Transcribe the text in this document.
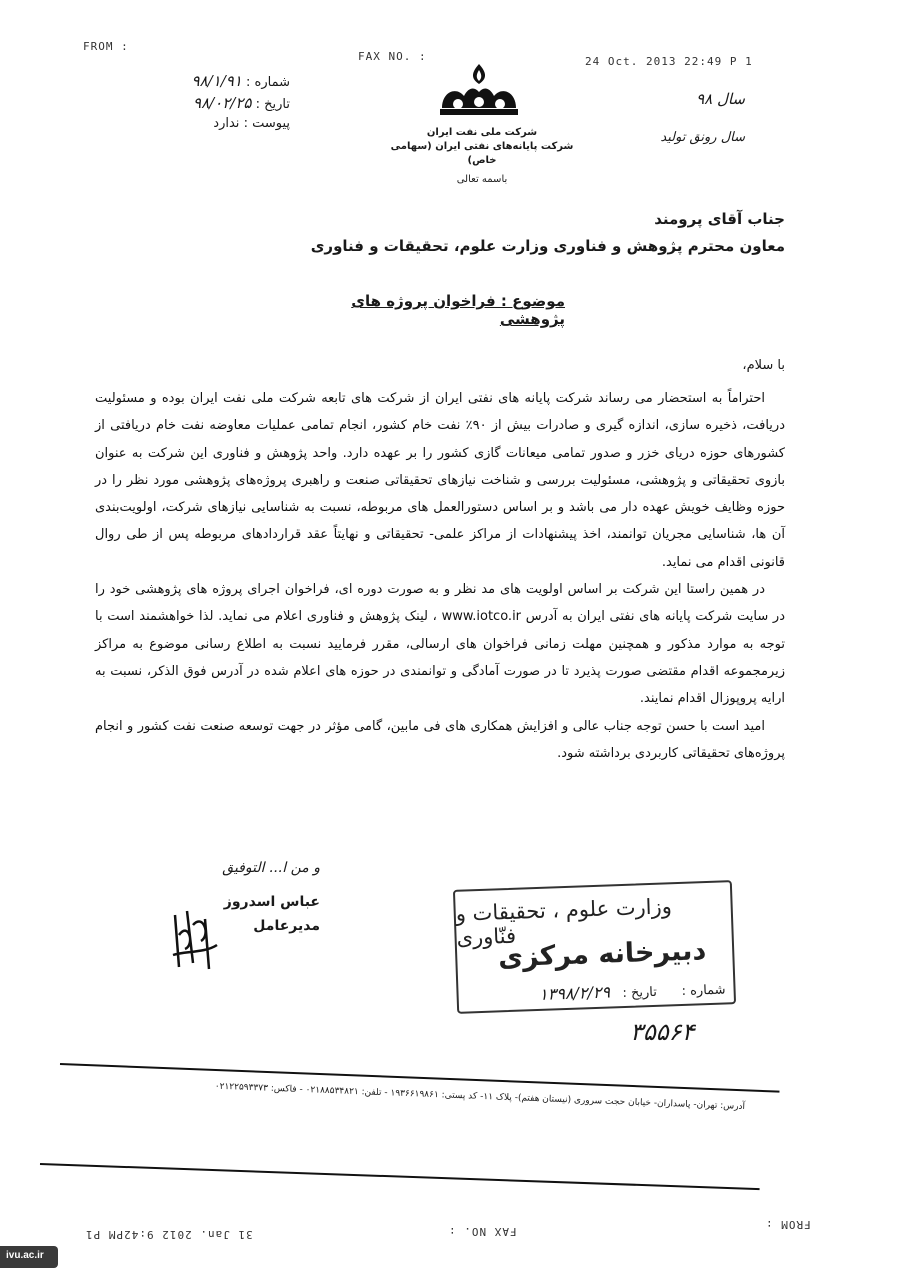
FROM :
FAX NO. :	24 Oct. 2013 22:49 P 1
شماره : ۹۸/۱/۹۱
تاریخ : ۹۸/۰۲/۲۵
پیوست : ندارد
شرکت ملی نفت ایران
شرکت پایانه‌های نفتی ایران (سهامی خاص)
باسمه تعالی
سال ۹۸
سال رونق تولید
جناب آقای پرومند
معاون محترم پژوهش و فناوری وزارت علوم، تحقیقات و فناوری
موضوع : فراخوان پروژه های پژوهشی
با سلام،

احتراماً به استحضار می رساند شرکت پایانه های نفتی ایران از شرکت های تابعه شرکت ملی نفت ایران بوده و مسئولیت دریافت، ذخیره سازی، اندازه گیری و صادرات بیش از ۹۰٪ نفت خام کشور، انجام تمامی عملیات معاوضه نفت خام دریافتی از کشورهای حوزه دریای خزر و صدور تمامی میعانات گازی کشور را بر عهده دارد. واحد پژوهش و فناوری این شرکت به عنوان بازوی تحقیقاتی و پژوهشی، مسئولیت بررسی و شناخت نیازهای تحقیقاتی صنعت و راهبری پروژه‌های پژوهشی مورد نظر را در حوزه وظایف خویش عهده دار می باشد و بر اساس دستورالعمل های مربوطه، نسبت به شناسایی نیازهای شرکت، اولویت‌بندی آن ها، شناسایی مجریان توانمند، اخذ پیشنهادات از مراکز علمی- تحقیقاتی و نهایتاً عقد قراردادهای مربوطه پس از طی روال قانونی اقدام می نماید.

در همین راستا این شرکت بر اساس اولویت های مد نظر و به صورت دوره ای، فراخوان اجرای پروژه های پژوهشی خود را در سایت شرکت پایانه های نفتی ایران به آدرس www.iotco.ir ، لینک پژوهش و فناوری اعلام می نماید. لذا خواهشمند است با توجه به موارد مذکور و همچنین مهلت زمانی فراخوان های ارسالی، مقرر فرمایید نسبت به اطلاع رسانی موضوع به مراکز زیرمجموعه اقدام مقتضی صورت پذیرد تا در صورت آمادگی و توانمندی در حوزه های اعلام شده در آدرس فوق الذکر، نسبت به ارایه پروپوزال اقدام نمایند.

امید است با حسن توجه جناب عالی و افزایش همکاری های فی مابین، گامی مؤثر در جهت توسعه صنعت نفت کشور و انجام پروژه‌های تحقیقاتی کاربردی برداشته شود.

و من ا... التوفیق
عباس اسدروز
مدیرعامل
وزارت علوم ، تحقیقات و فنّاوری
دبیرخانه مرکزی
شماره :      تاریخ :   ۱۳۹۸/۲/۲۹
۳۵۵۶۴
آدرس: تهران- پاسداران- خیابان حجت سروری (نیستان هفتم)- پلاک ۱۱- کد پستی: ۱۹۳۶۶۱۹۸۶۱ - تلفن: ۰۲۱۸۸۵۳۴۸۲۱ - فاکس: ۰۲۱۲۲۵۹۳۳۷۳
31 Jan. 2012 9:42PM P1	FAX NO. :
FROM :
ivu.ac.ir
